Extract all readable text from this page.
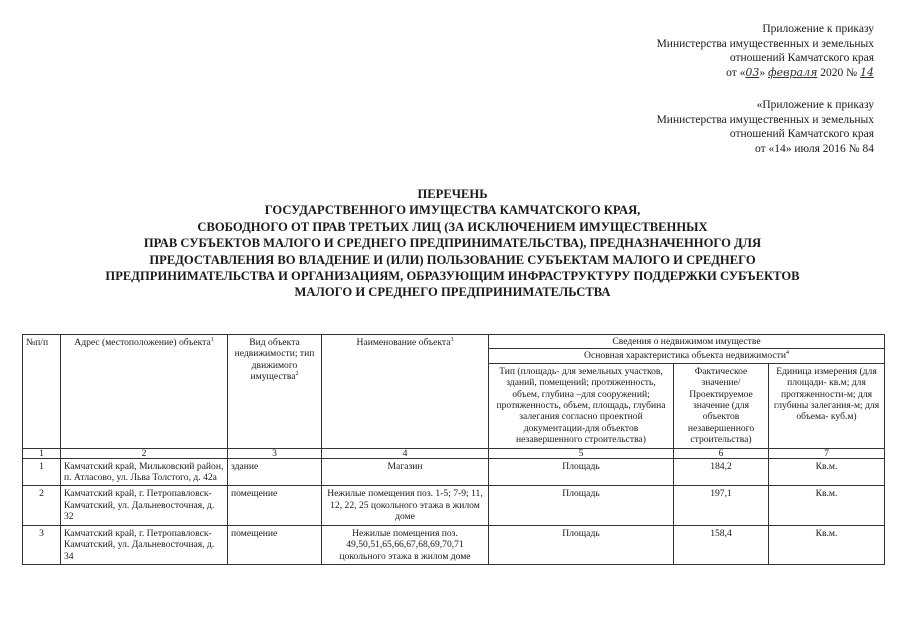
Приложение к приказу
Министерства имущественных и земельных
отношений Камчатского края
от «03» февраля 2020 № 14
«Приложение к приказу
Министерства имущественных и земельных
отношений Камчатского края
от «14» июля 2016 № 84
ПЕРЕЧЕНЬ
ГОСУДАРСТВЕННОГО ИМУЩЕСТВА КАМЧАТСКОГО КРАЯ,
СВОБОДНОГО ОТ ПРАВ ТРЕТЬИХ ЛИЦ (ЗА ИСКЛЮЧЕНИЕМ ИМУЩЕСТВЕННЫХ
ПРАВ СУБЪЕКТОВ МАЛОГО И СРЕДНЕГО ПРЕДПРИНИМАТЕЛЬСТВА), ПРЕДНАЗНАЧЕННОГО ДЛЯ
ПРЕДОСТАВЛЕНИЯ ВО ВЛАДЕНИЕ И (ИЛИ) ПОЛЬЗОВАНИЕ СУБЪЕКТАМ МАЛОГО И СРЕДНЕГО
ПРЕДПРИНИМАТЕЛЬСТВА И ОРГАНИЗАЦИЯМ, ОБРАЗУЮЩИМ ИНФРАСТРУКТУРУ ПОДДЕРЖКИ СУБЪЕКТОВ
МАЛОГО И СРЕДНЕГО ПРЕДПРИНИМАТЕЛЬСТВА
№п/п	Адрес (местоположение) объекта$^1$	Вид объекта недвижимости; тип движимого имущества$^2$	Наименование объекта$^3$	Сведения о недвижимом имуществе		
				Основная характеристика объекта недвижимости$^4$
				Тип (площадь- для земельных участков, зданий, помещений; протяженность, объем, глубина –для сооружений; протяженность, объем, площадь, глубина залегания согласно проектной документации-для объектов незавершенного строительства)	Фактическое значение/Проектируемое значение (для объектов незавершенного строительства)	Единица измерения (для площади- кв.м; для протяженности-м; для глубины залегания-м; для объема- куб.м)
1	2	3	4	5	6	7
1	Камчатский край, Мильковский район, п. Атласово, ул. Льва Толстого, д. 42а	здание	Магазин	Площадь	184,2	Кв.м.
2	Камчатский край, г. Петропавловск-Камчатский, ул. Дальневосточная, д. 32	помещение	Нежилые помещения поз. 1-5; 7-9; 11, 12, 22, 25 цокольного этажа в жилом доме	Площадь	197,1	Кв.м.
3	Камчатский край, г. Петропавловск-Камчатский, ул. Дальневосточная, д. 34	помещение	Нежилые помещения поз. 49,50,51,65,66,67,68,69,70,71 цокольного этажа в жилом доме	Площадь	158,4	Кв.м.
